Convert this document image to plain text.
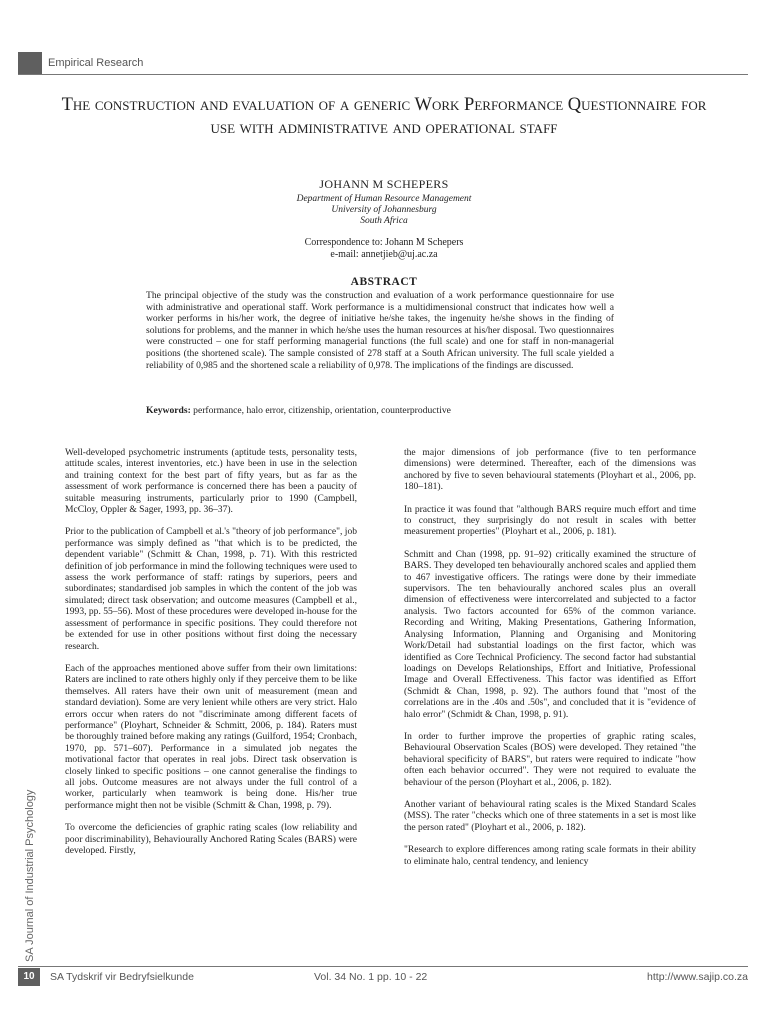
Empirical Research
The construction and evaluation of a generic Work Performance Questionnaire for use with administrative and operational staff
JOHANN M SCHEPERS
Department of Human Resource Management
University of Johannesburg
South Africa
Correspondence to: Johann M Schepers
e-mail: annetjieb@uj.ac.za
ABSTRACT
The principal objective of the study was the construction and evaluation of a work performance questionnaire for use with administrative and operational staff. Work performance is a multidimensional construct that indicates how well a worker performs in his/her work, the degree of initiative he/she takes, the ingenuity he/she shows in the finding of solutions for problems, and the manner in which he/she uses the human resources at his/her disposal. Two questionnaires were constructed – one for staff performing managerial functions (the full scale) and one for staff in non-managerial positions (the shortened scale). The sample consisted of 278 staff at a South African university. The full scale yielded a reliability of 0,985 and the shortened scale a reliability of 0,978. The implications of the findings are discussed.
Keywords: performance, halo error, citizenship, orientation, counterproductive

Well-developed psychometric instruments (aptitude tests, personality tests, attitude scales, interest inventories, etc.) have been in use in the selection and training context for the best part of fifty years, but as far as the assessment of work performance is concerned there has been a paucity of suitable measuring instruments, particularly prior to 1990 (Campbell, McCloy, Oppler & Sager, 1993, pp. 36–37).

Prior to the publication of Campbell et al.'s "theory of job performance", job performance was simply defined as "that which is to be predicted, the dependent variable" (Schmitt & Chan, 1998, p. 71). With this restricted definition of job performance in mind the following techniques were used to assess the work performance of staff: ratings by superiors, peers and subordinates; standardised job samples in which the content of the job was simulated; direct task observation; and outcome measures (Campbell et al., 1993, pp. 55–56). Most of these procedures were developed in-house for the assessment of performance in specific positions. They could therefore not be extended for use in other positions without first doing the necessary research.

Each of the approaches mentioned above suffer from their own limitations: Raters are inclined to rate others highly only if they perceive them to be like themselves. All raters have their own unit of measurement (mean and standard deviation). Some are very lenient while others are very strict. Halo errors occur when raters do not "discriminate among different facets of performance" (Ployhart, Schneider & Schmitt, 2006, p. 184). Raters must be thoroughly trained before making any ratings (Guilford, 1954; Cronbach, 1970, pp. 571–607). Performance in a simulated job negates the motivational factor that operates in real jobs. Direct task observation is closely linked to specific positions – one cannot generalise the findings to all jobs. Outcome measures are not always under the full control of a worker, particularly when teamwork is being done. His/her true performance might then not be visible (Schmitt & Chan, 1998, p. 79).

To overcome the deficiencies of graphic rating scales (low reliability and poor discriminability), Behaviourally Anchored Rating Scales (BARS) were developed. Firstly,

the major dimensions of job performance (five to ten performance dimensions) were determined. Thereafter, each of the dimensions was anchored by five to seven behavioural statements (Ployhart et al., 2006, pp. 180–181).

In practice it was found that "although BARS require much effort and time to construct, they surprisingly do not result in scales with better measurement properties" (Ployhart et al., 2006, p. 181).

Schmitt and Chan (1998, pp. 91–92) critically examined the structure of BARS. They developed ten behaviourally anchored scales and applied them to 467 investigative officers. The ratings were done by their immediate supervisors. The ten behaviourally anchored scales plus an overall dimension of effectiveness were intercorrelated and subjected to a factor analysis. Two factors accounted for 65% of the common variance. Recording and Writing, Making Presentations, Gathering Information, Analysing Information, Planning and Organising and Monitoring Work/Detail had substantial loadings on the first factor, which was identified as Core Technical Proficiency. The second factor had substantial loadings on Develops Relationships, Effort and Initiative, Professional Image and Overall Effectiveness. This factor was identified as Effort (Schmidt & Chan, 1998, p. 92). The authors found that "most of the correlations are in the .40s and .50s", and concluded that it is "evidence of halo error" (Schmidt & Chan, 1998, p. 91).

In order to further improve the properties of graphic rating scales, Behavioural Observation Scales (BOS) were developed. They retained "the behavioral specificity of BARS", but raters were required to indicate "how often each behavior occurred". They were not required to evaluate the behaviour of the person (Ployhart et al., 2006, p. 182).

Another variant of behavioural rating scales is the Mixed Standard Scales (MSS). The rater "checks which one of three statements in a set is most like the person rated" (Ployhart et al., 2006, p. 182).

"Research to explore differences among rating scale formats in their ability to eliminate halo, central tendency, and leniency

SA Journal of Industrial Psychology
10	SA Tydskrif vir Bedryfsielkunde	Vol. 34 No. 1 pp. 10 - 22	http://www.sajip.co.za
